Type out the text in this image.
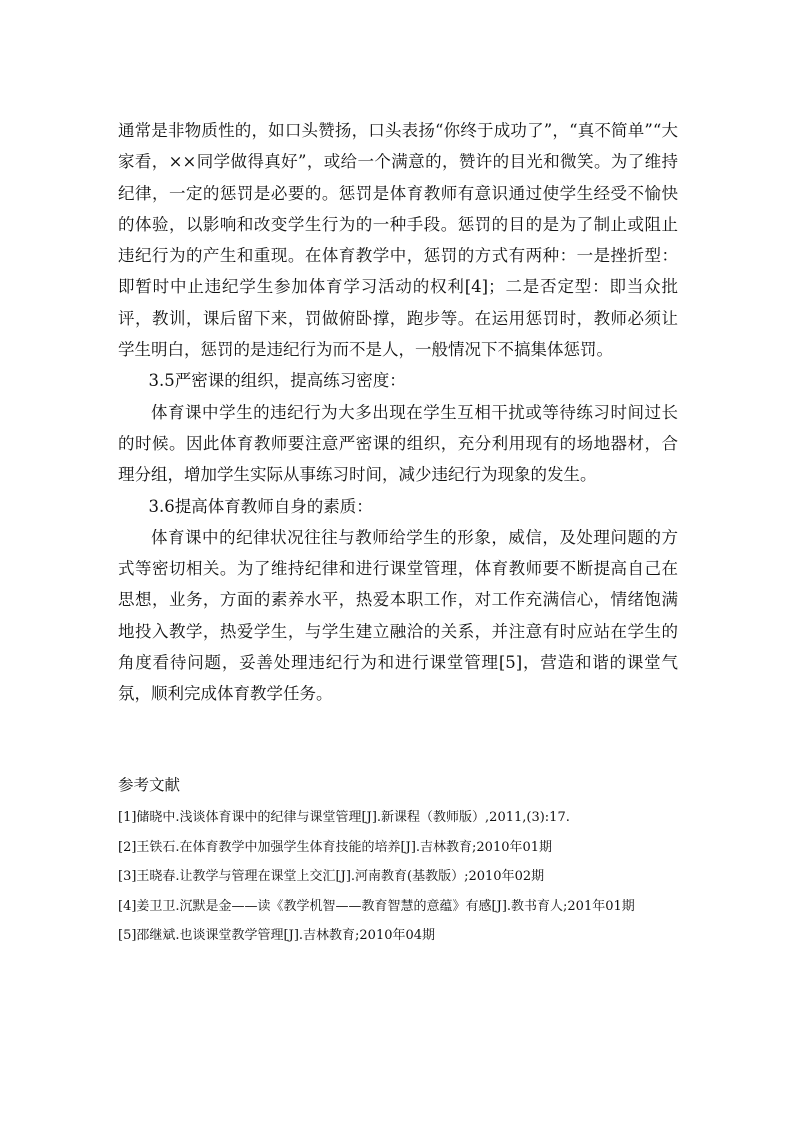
通常是非物质性的，如口头赞扬，口头表扬“你终于成功了”，“真不简单”“大家看，××同学做得真好”，或给一个满意的，赞许的目光和微笑。为了维持纪律，一定的惩罚是必要的。惩罚是体育教师有意识通过使学生经受不愉快的体验，以影响和改变学生行为的一种手段。惩罚的目的是为了制止或阻止违纪行为的产生和重现。在体育教学中，惩罚的方式有两种：一是挫折型：即暂时中止违纪学生参加体育学习活动的权利[4]；二是否定型：即当众批评，教训，课后留下来，罚做俯卧撑，跑步等。在运用惩罚时，教师必须让学生明白，惩罚的是违纪行为而不是人，一般情况下不搞集体惩罚。

3.5严密课的组织，提高练习密度：

体育课中学生的违纪行为大多出现在学生互相干扰或等待练习时间过长的时候。因此体育教师要注意严密课的组织，充分利用现有的场地器材，合理分组，增加学生实际从事练习时间，减少违纪行为现象的发生。

3.6提高体育教师自身的素质：

体育课中的纪律状况往往与教师给学生的形象，威信，及处理问题的方式等密切相关。为了维持纪律和进行课堂管理，体育教师要不断提高自己在思想，业务，方面的素养水平，热爱本职工作，对工作充满信心，情绪饱满地投入教学，热爱学生，与学生建立融洽的关系，并注意有时应站在学生的角度看待问题，妥善处理违纪行为和进行课堂管理[5]，营造和谐的课堂气氛，顺利完成体育教学任务。

参考文献

[1]储晓中.浅谈体育课中的纪律与课堂管理[J].新课程（教师版）,2011,(3):17.
[2]王铁石.在体育教学中加强学生体育技能的培养[J].吉林教育;2010年01期
[3]王晓春.让教学与管理在课堂上交汇[J].河南教育(基教版）;2010年02期
[4]姜卫卫.沉默是金——读《教学机智——教育智慧的意蕴》有感[J].教书育人;201年01期
[5]邵继斌.也谈课堂教学管理[J].吉林教育;2010年04期
